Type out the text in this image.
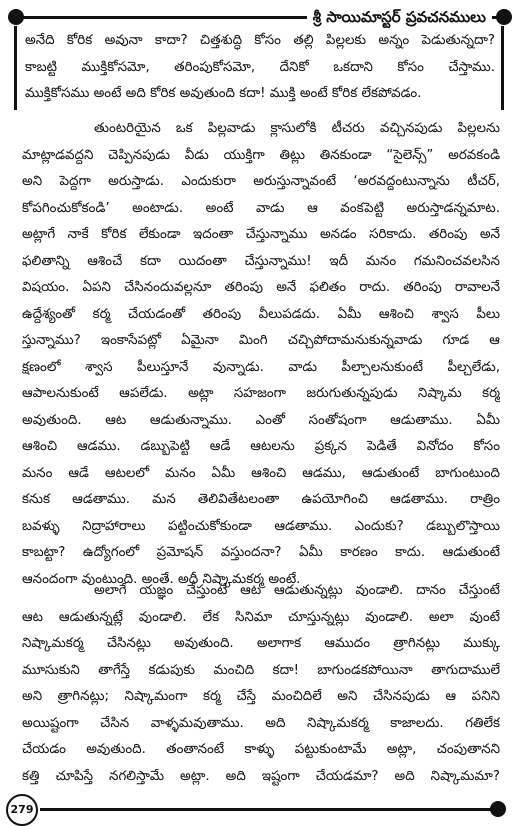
శ్రీ సాయిమాస్టర్ ప్రవచనములు
అనేది కోరిక అవునా కాదా? చిత్తశుద్ధి కోసం తల్లి పిల్లలకు అన్నం పెడుతున్నదా?
కాబట్టి ముక్తికోసమో, తరింపుకోసమో, దేనికో ఒకదాని కోసం చేస్తాము.
ముక్తికోసము అంటే అది కోరిక అవుతుంది కదా! ముక్తి అంటే కోరిక లేకపోవడం.
తుంటరియైన ఒక పిల్లవాడు క్లాసులోకి టీచరు వచ్చినపుడు పిల్లలను
మాట్లాడవద్దని చెప్పినపుడు వీడు యుక్తిగా తిట్లు తినకుండా “సైలెన్స్” అరవకండి
అని పెద్దగా అరుస్తాడు. ఎందుకురా అరుస్తున్నావంటే ‘అరవద్దంటున్నాను టీచర్,
కోపగించుకోకండి’ అంటాడు. అంటే వాడు ఆ వంకపెట్టి అరుస్తాడన్నమాట.
అట్లాగే నాకే కోరిక లేకుండా ఇదంతా చేస్తున్నాము అనడం సరికాదు. తరింపు అనే
ఫలితాన్ని ఆశించే కదా యిదంతా చేస్తున్నాము! ఇదీ మనం గమనించవలసిన
విషయం. ఏపని చేసినందువల్లనూ తరింపు అనే ఫలితం రాదు. తరింపు రావాలనే
ఉద్దేశ్యంతో కర్మ చేయడంతో తరింపు వీలుపడదు. ఏమీ ఆశించి శ్వాస పీలు
స్తున్నాము? ఇంకాసేపట్లో ఏమైనా మింగి చచ్చిపోదామనుకున్నవాడు గూడ ఆ
క్షణంలో శ్వాస పీలుస్తూనే వున్నాడు. వాడు పీల్చాలనుకుంటే పీల్చలేడు,
ఆపాలనుకుంటే ఆపలేడు. అట్లా సహజంగా జరుగుతున్నపుడు నిష్కామ కర్మ
అవుతుంది. ఆట ఆడుతున్నాము. ఎంతో సంతోషంగా ఆడుతాము. ఏమీ
ఆశించి ఆడము. డబ్బుపెట్టి ఆడే ఆటలను ప్రక్కన పెడితే వినోదం కోసం
మనం ఆడే ఆటలలో మనం ఏమీ ఆశించి ఆడము, ఆడుతుంటే బాగుంటుంది
కనుక ఆడతాము. మన తెలివితేటలంతా ఉపయోగించి ఆడతాము. రాత్రిం
బవళ్ళు నిద్రాహారాలు పట్టించుకోకుండా ఆడతాము. ఎందుకు? డబ్బులొస్తాయి
కాబట్టా? ఉద్యోగంలో ప్రమోషన్ వస్తుందనా? ఏమీ కారణం కాదు. ఆడుతుంటే
ఆనందంగా వుంటుంది. అంతే. అదీ నిష్కామకర్మ అంటే.
అలాగే యజ్ఞం చేస్తుంటే ఆట ఆడుతున్నట్లు వుండాలి. దానం చేస్తుంటే
ఆట ఆడుతున్నట్లే వుండాలి. లేక సినిమా చూస్తున్నట్లు వుండాలి. అలా వుంటే
నిష్కామకర్మ చేసినట్లు అవుతుంది. అలాగాక ఆముదం త్రాగినట్లు ముక్కు
మూసుకుని తాగేస్తే కడుపుకు మంచిది కదా! బాగుండకపోయినా తాగుదాములే
అని త్రాగినట్లు; నిష్కామంగా కర్మ చేస్తే మంచిదిలే అని చేసినపుడు ఆ పనిని
అయిష్టంగా చేసిన వాళ్ళమవుతాము. అది నిష్కామకర్మ కాజాలదు. గతిలేక
చేయడం అవుతుంది. తంతానంటే కాళ్ళు పట్టుకుంటామే అట్లా, చంపుతానని
కత్తి చూపిస్తే నగలిస్తామే అట్లా. అది ఇష్టంగా చేయడమా? అది నిష్కామమా?
279
